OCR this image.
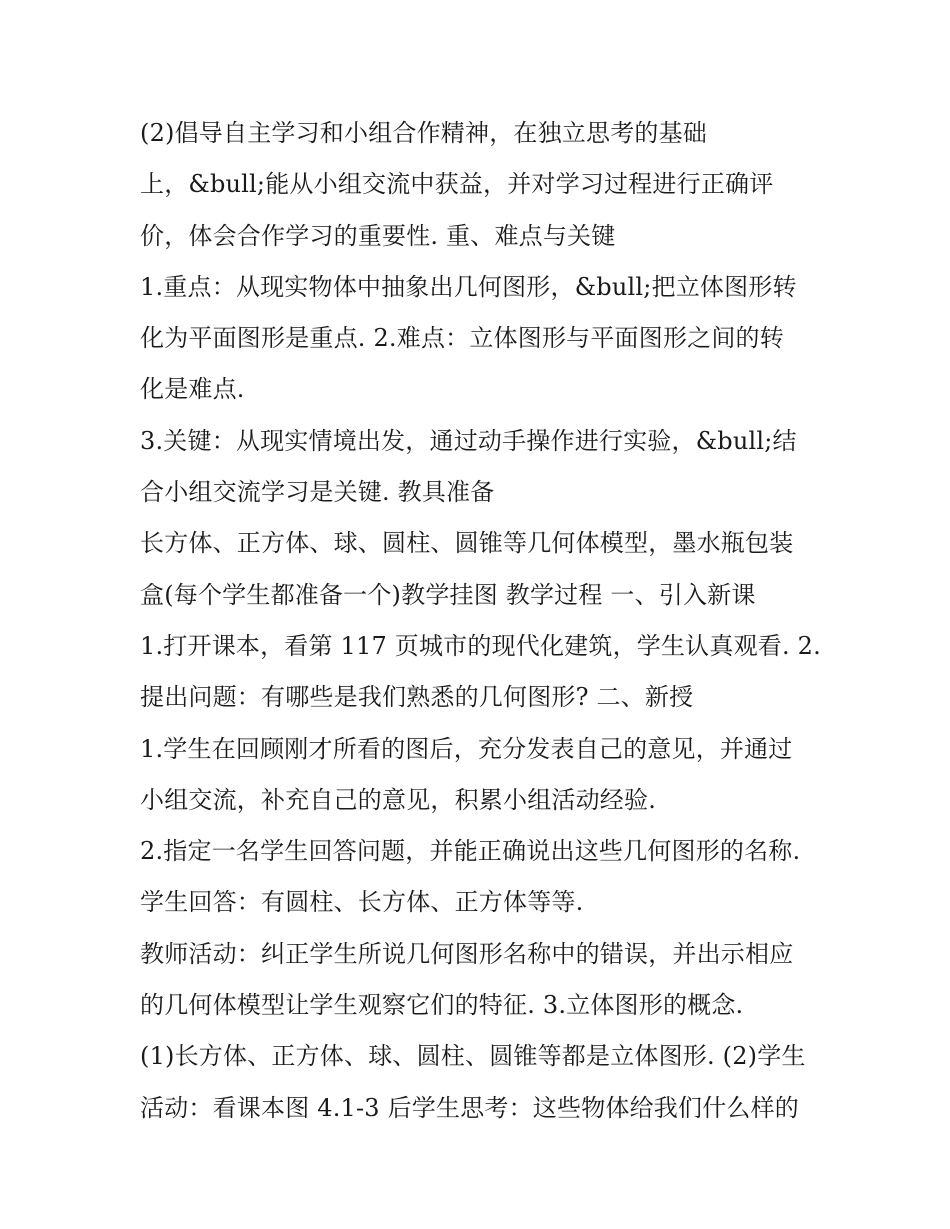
(2)倡导自主学习和小组合作精神，在独立思考的基础
上，&bull;能从小组交流中获益，并对学习过程进行正确评
价，体会合作学习的重要性. 重、难点与关键
1.重点：从现实物体中抽象出几何图形，&bull;把立体图形转
化为平面图形是重点. 2.难点：立体图形与平面图形之间的转
化是难点.
3.关键：从现实情境出发，通过动手操作进行实验，&bull;结
合小组交流学习是关键. 教具准备
长方体、正方体、球、圆柱、圆锥等几何体模型，墨水瓶包装
盒(每个学生都准备一个)教学挂图 教学过程 一、引入新课
1.打开课本，看第 117 页城市的现代化建筑，学生认真观看. 2.
提出问题：有哪些是我们熟悉的几何图形? 二、新授
1.学生在回顾刚才所看的图后，充分发表自己的意见，并通过
小组交流，补充自己的意见，积累小组活动经验.
2.指定一名学生回答问题，并能正确说出这些几何图形的名称.
学生回答：有圆柱、长方体、正方体等等.
教师活动：纠正学生所说几何图形名称中的错误，并出示相应
的几何体模型让学生观察它们的特征. 3.立体图形的概念.
(1)长方体、正方体、球、圆柱、圆锥等都是立体图形. (2)学生
活动：看课本图 4.1-3 后学生思考：这些物体给我们什么样的
